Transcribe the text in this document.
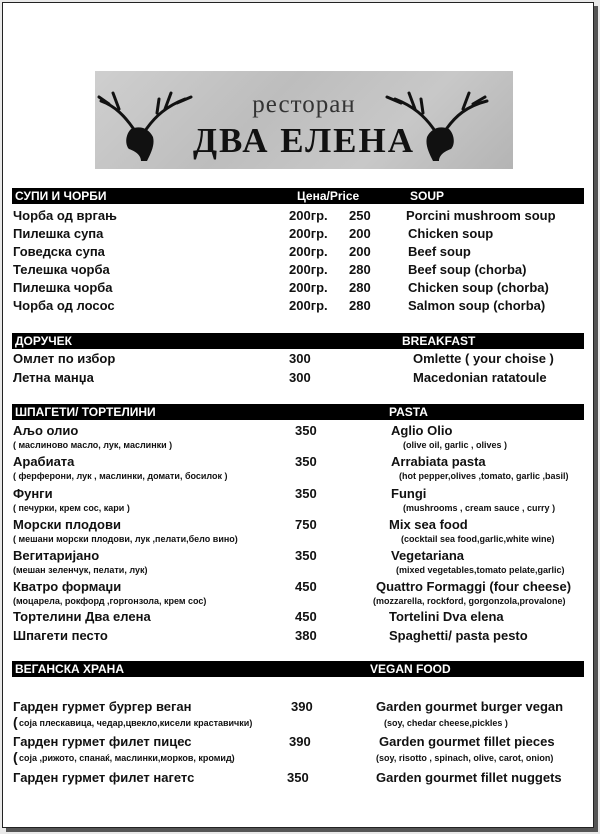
ресторан
ДВА ЕЛЕНА
СУПИ И ЧОРБИ	Цена/Price	SOUP
Чорба од вргањ	200гр. 250	Porcini mushroom soup
Пилешка супа	200гр. 200	Chicken soup
Говедска супа	200гр. 200	Beef soup
Телешка чорба	200гр. 280	Beef soup (chorba)
Пилешка чорба	200гр. 280	Chicken soup (chorba)
Чорба од лосос	200гр. 280	Salmon soup (chorba)
ДОРУЧЕК	BREAKFAST
Омлет по избор	300	Omlette ( your choise )
Летна манџа	300	Macedonian ratatoule
ШПАГЕТИ/ ТОРТЕЛИНИ	PASTA
Аљо олио	350	Aglio Olio
( маслиново масло, лук, маслинки )	(olive oil, garlic , olives )
Арабиата	350	Arrabiata pasta
( ферферони, лук , маслинки, домати, босилок )	(hot pepper,olives ,tomato, garlic ,basil)
Фунги	350	Fungi
( печурки, крем сос, кари )	(mushrooms , cream sauce , curry )
Морски плодови	750	Mix sea food
( мешани морски плодови, лук ,пелати,бело вино)	(cocktail sea food,garlic,white wine)
Вегитаријано	350	Vegetariana
(мешан зеленчук, пелати, лук)	(mixed vegetables,tomato pelate,garlic)
Кватро формаџи	450	Quattro Formaggi (four cheese)
(моцарела, рокфорд ,горгонзола, крем сос)	(mozzarella, rockford, gorgonzola,provalone)
Тортелини Два елена	450	Tortelini Dva elena
Шпагети песто	380	Spaghetti/ pasta pesto
ВЕГАНСКА ХРАНА	VEGAN FOOD
Гарден гурмет бургер веган	390	Garden gourmet burger vegan
( соја плескавица, чедар,цвекло,кисели краставички)	(soy, chedar cheese,pickles )
Гарден гурмет филет пицес	390	Garden gourmet fillet pieces
( соја ,рижото, спанаќ, маслинки,морков, кромид)	(soy, risotto , spinach, olive, carot, onion)
Гарден гурмет филет нагетс	350	Garden gourmet fillet nuggets
